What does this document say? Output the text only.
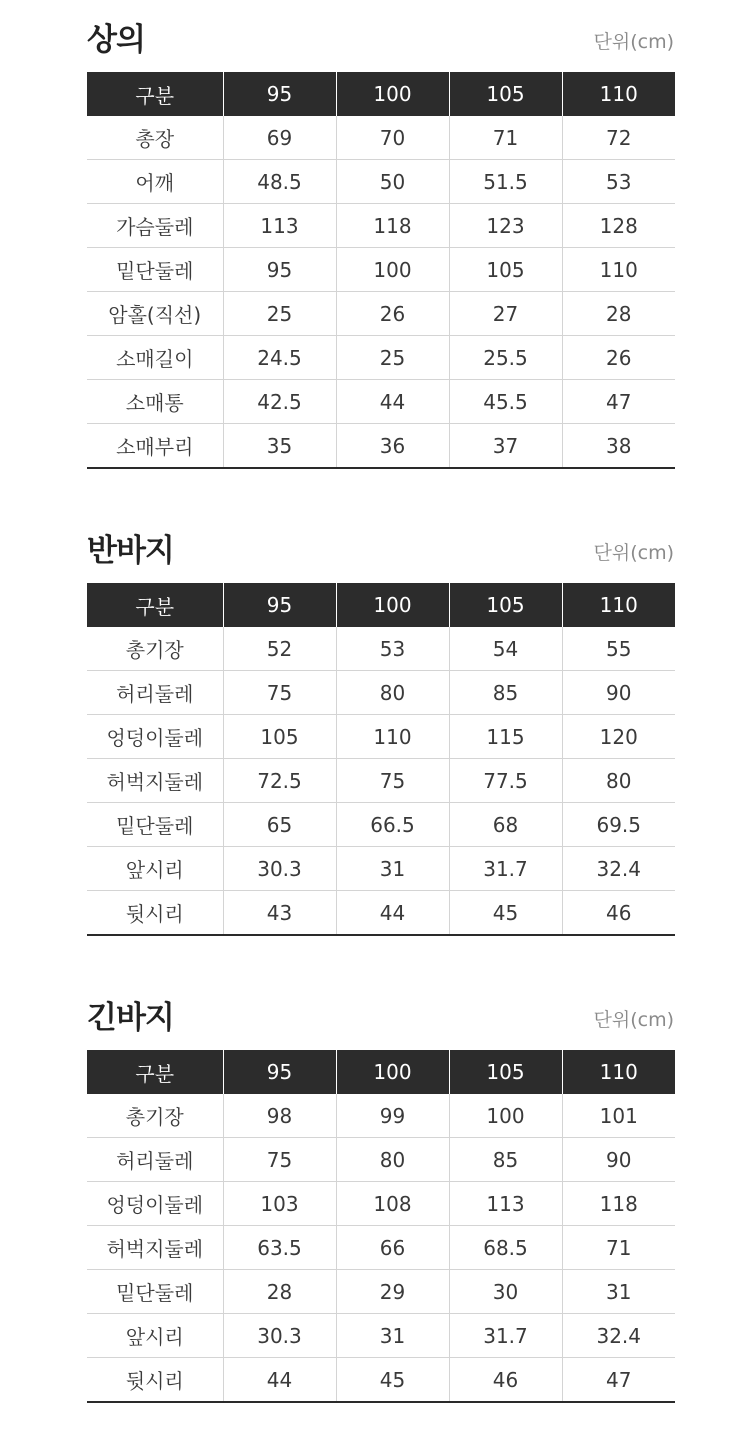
상의	단위(cm)
구분	95	100	105	110
총장	69	70	71	72
어깨	48.5	50	51.5	53
가슴둘레	113	118	123	128
밑단둘레	95	100	105	110
암홀(직선)	25	26	27	28
소매길이	24.5	25	25.5	26
소매통	42.5	44	45.5	47
소매부리	35	36	37	38
반바지	단위(cm)
구분	95	100	105	110
총기장	52	53	54	55
허리둘레	75	80	85	90
엉덩이둘레	105	110	115	120
허벅지둘레	72.5	75	77.5	80
밑단둘레	65	66.5	68	69.5
앞시리	30.3	31	31.7	32.4
뒷시리	43	44	45	46
긴바지	단위(cm)
구분	95	100	105	110
총기장	98	99	100	101
허리둘레	75	80	85	90
엉덩이둘레	103	108	113	118
허벅지둘레	63.5	66	68.5	71
밑단둘레	28	29	30	31
앞시리	30.3	31	31.7	32.4
뒷시리	44	45	46	47
